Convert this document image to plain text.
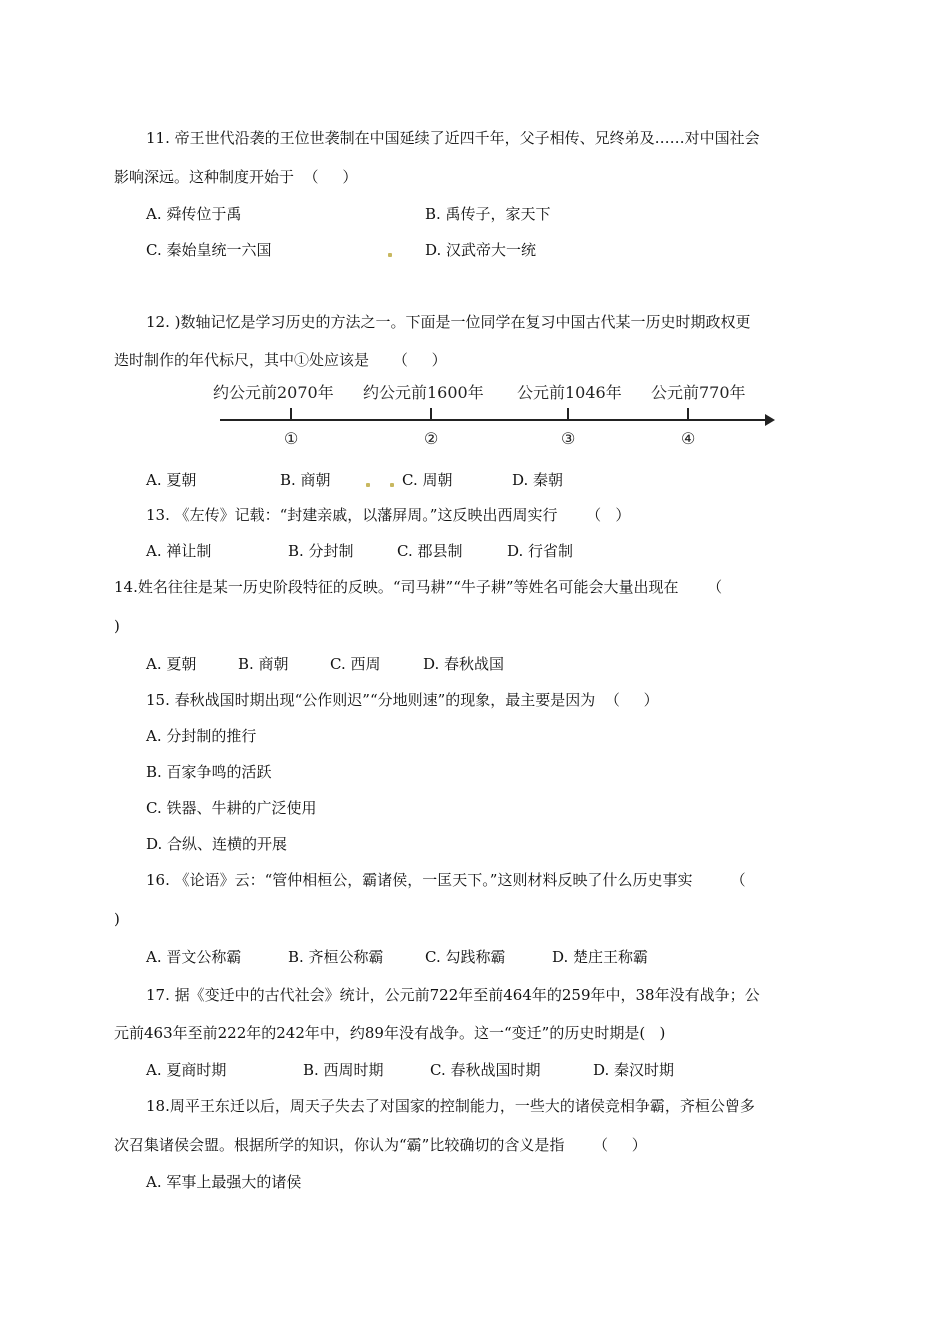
11. 帝王世代沿袭的王位世袭制在中国延续了近四千年，父子相传、兄终弟及……对中国社会
影响深远。这种制度开始于  （     ）
A. 舜传位于禹	B. 禹传子，家天下
C. 秦始皇统一六国	D. 汉武帝大一统
12. )数轴记忆是学习历史的方法之一。下面是一位同学在复习中国古代某一历史时期政权更
迭时制作的年代标尺，其中①处应该是     （     ）
约公元前2070年 约公元前1600年 公元前1046年 公元前770年
①	②	③	④
A. 夏朝	B. 商朝	C. 周朝	D. 秦朝
13. 《左传》记载：“封建亲戚，以藩屏周。”这反映出西周实行      （   ）
A. 禅让制	B. 分封制	C. 郡县制	D. 行省制
14.姓名往往是某一历史阶段特征的反映。“司马耕”“牛子耕”等姓名可能会大量出现在      （
)
A. 夏朝	B. 商朝	C. 西周	D. 春秋战国
15. 春秋战国时期出现“公作则迟”“分地则速”的现象，最主要是因为  （     ）
A. 分封制的推行
B. 百家争鸣的活跃
C. 铁器、牛耕的广泛使用
D. 合纵、连横的开展
16. 《论语》云：“管仲相桓公，霸诸侯，一匡天下。”这则材料反映了什么历史事实        （
)
A. 晋文公称霸	B. 齐桓公称霸	C. 勾践称霸	D. 楚庄王称霸
17. 据《变迁中的古代社会》统计，公元前722年至前464年的259年中，38年没有战争；公
元前463年至前222年的242年中，约89年没有战争。这一“变迁”的历史时期是(   )
A. 夏商时期	B. 西周时期	C. 春秋战国时期	D. 秦汉时期
18.周平王东迁以后，周天子失去了对国家的控制能力，一些大的诸侯竞相争霸，齐桓公曾多
次召集诸侯会盟。根据所学的知识，你认为“霸”比较确切的含义是指      （     ）
A. 军事上最强大的诸侯
